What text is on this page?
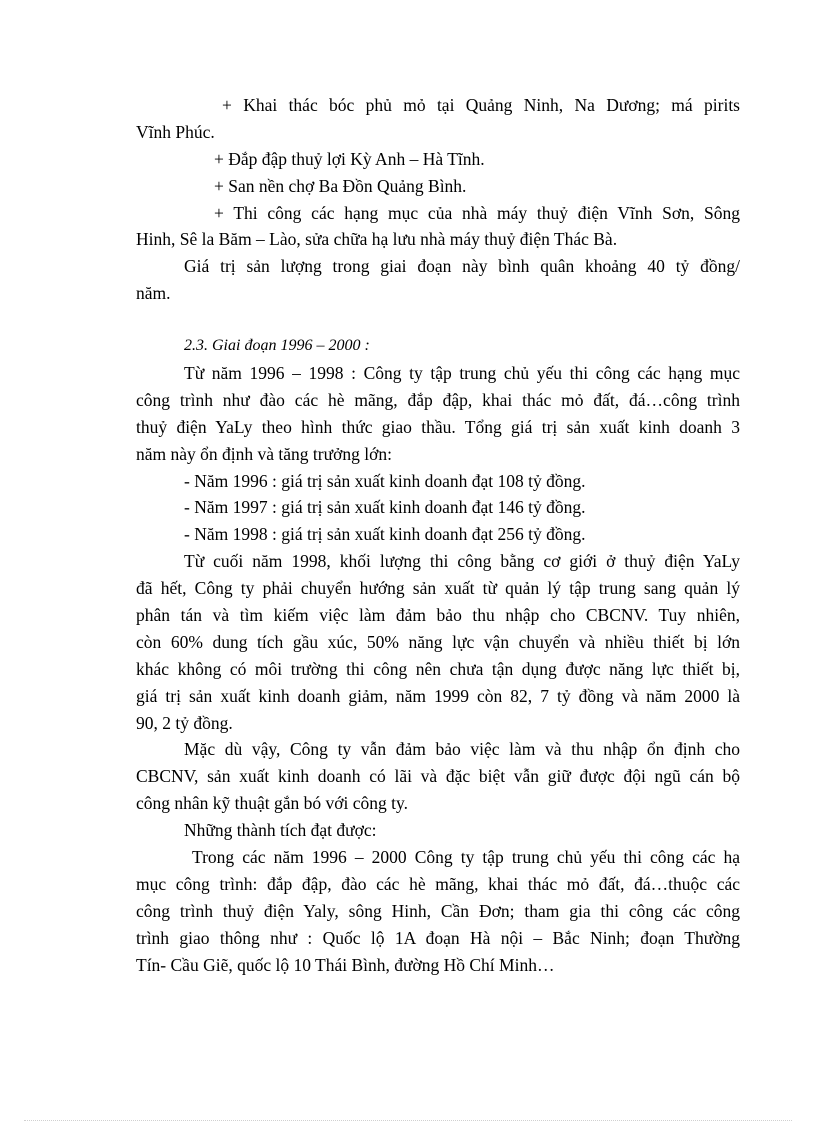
+ Khai thác bóc phủ mỏ tại Quảng Ninh, Na Dương; má pirits
Vĩnh Phúc.
+ Đắp đập thuỷ lợi Kỳ Anh – Hà Tĩnh.
+ San nền chợ Ba Đồn Quảng Bình.
+ Thi công các hạng mục của nhà máy thuỷ điện Vĩnh Sơn, Sông
Hinh, Sê la Băm – Lào, sửa chữa hạ lưu nhà máy thuỷ điện Thác Bà.
Giá trị sản lượng trong giai đoạn này bình quân khoảng 40 tỷ đồng/
năm.
2.3. Giai đoạn 1996 – 2000 :
Từ năm 1996 – 1998 : Công ty tập trung chủ yếu thi công các hạng mục
công trình như đào các hè mãng, đắp đập, khai thác mỏ đất, đá…công trình
thuỷ điện YaLy theo hình thức giao thầu. Tổng giá trị sản xuất kinh doanh 3
năm này ổn định và tăng trưởng lớn:
- Năm 1996 : giá trị sản xuất kinh doanh đạt 108 tỷ đồng.
- Năm 1997 : giá trị sản xuất kinh doanh đạt 146 tỷ đồng.
- Năm 1998 : giá trị sản xuất kinh doanh đạt 256 tỷ đồng.
Từ cuối năm 1998, khối lượng thi công bằng cơ giới ở thuỷ điện YaLy
đã hết, Công ty phải chuyển hướng sản xuất từ quản lý tập trung sang quản lý
phân tán và tìm kiếm việc làm đảm bảo thu nhập cho CBCNV. Tuy nhiên,
còn 60% dung tích gầu xúc, 50% năng lực vận chuyển và nhiều thiết bị lớn
khác không có môi trường thi công nên chưa tận dụng được năng lực thiết bị,
giá trị sản xuất kinh doanh giảm, năm 1999 còn 82, 7 tỷ đồng và năm 2000 là
90, 2 tỷ đồng.
Mặc dù vậy, Công ty vẫn đảm bảo việc làm và thu nhập ổn định cho
CBCNV, sản xuất kinh doanh có lãi và đặc biệt vẫn giữ được đội ngũ cán bộ
công nhân kỹ thuật gắn bó với công ty.
Những thành tích đạt được:
Trong các năm 1996 – 2000 Công ty tập trung chủ yếu thi công các hạ
mục công trình: đắp đập, đào các hè mãng, khai thác mỏ đất, đá…thuộc các
công trình thuỷ điện Yaly, sông Hinh, Cần Đơn; tham gia thi công các công
trình giao thông như : Quốc lộ 1A đoạn Hà nội – Bắc Ninh; đoạn Thường
Tín- Cầu Giẽ, quốc lộ 10 Thái Bình, đường Hồ Chí Minh…
